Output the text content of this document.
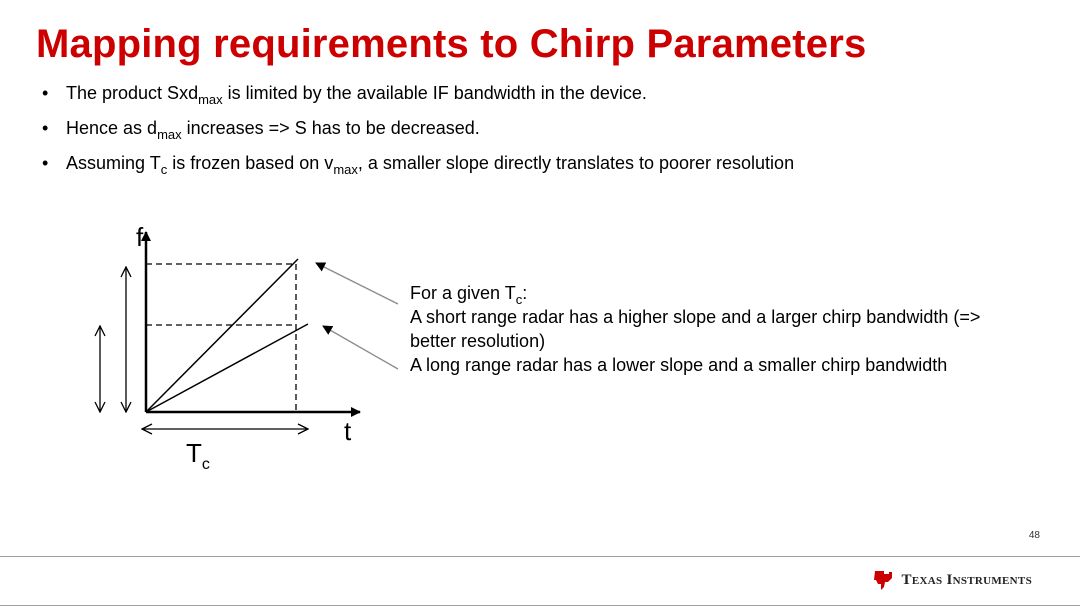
Mapping requirements to Chirp Parameters
• The product Sxd$_{max}$ is limited by the available IF bandwidth in the device.
• Hence as $d_{max}$ increases => S has to be decreased.
• Assuming $T_c$ is frozen based on $v_{max}$, a smaller slope directly translates to poorer resolution
f
t
$T_c$
For a given $T_c$:
A short range radar has a higher slope and a larger chirp bandwidth (=>
better resolution)
A long range radar has a lower slope and a smaller chirp bandwidth
48
Texas Instruments
